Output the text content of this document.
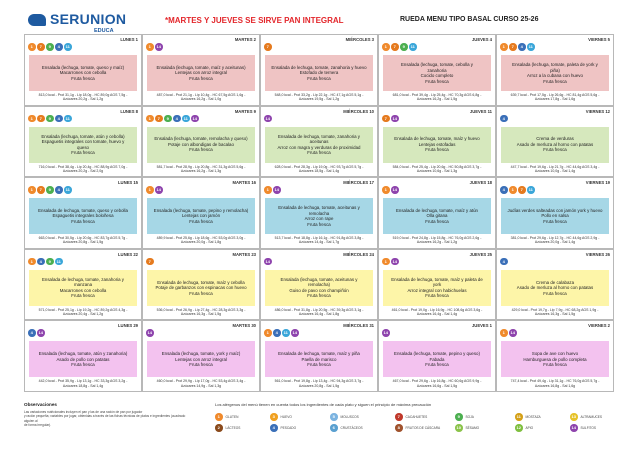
SERUNION
EDUCA
*MARTES Y JUEVES SE SIRVE PAN INTEGRAL	RUEDA MENU TIPO BASAL CURSO 25-26
LUNES 1
1	7	9	4	11
Ensalada (lechuga, tomate, queso y maíz)
Macarrones con cebolla
Fruta fresca
813,0 kcal - Prot 31,1g - Lip 18,0g - HC 89,0g AGS 7,5g -
Azúcares 20,2g - Sal 1,2g
MARTES 2
1	14
Ensalada (lechuga, tomate, maíz y aceitunas)
Lentejas con arroz integral
Fruta fresca
487,0 kcal - Prot 21,1g - Lip 10,4g - HC 67,5g AGS 1,6g -
Azúcares 16,2g - Sal 1,0g
MIÉRCOLES 3
7
Ensalada de lechuga, tomate, zanahoria y huevo
Estofado de ternera
Fruta fresca
548,0 kcal - Prot 33,2g - Lip 22,1g - HC 47,1g AGS 5,1g -
Azúcares 19,5g - Sal 1,2g
JUEVES 4
1	7	9	11
Ensalada (lechuga, tomate, cebolla y
zanahoria
Cocido completo
Fruta fresca
681,0 kcal - Prot 39,4g - Lip 25,4g - HC 70,3g AGS 6,8g -
Azúcares 16,2g - Sal 1,5g
VIERNES 5
1	7	4	11
Ensalada (lechuga, tomate, paleta de york y
piña)
Arroz a la cubana con huevo
Fruta fresca
639,7 kcal - Prot 17,5g - Lip 26,6g - HC 81,4g AGS 5,6g -
Azúcares 17,8g - Sal 1,6g
LUNES 8
1	7	9	4	11
Ensalada (lechuga, tomate, atún y cebolla)
Espaguetis integrales con tomate, huevo y
queso
Fruta fresca
716,0 kcal - Prot 38,4g - Lip 20,4g - HC 88,9g AGS 7,0g -
Azúcares 20,2g - Sal 2,0g
MARTES 9
1	7	9	4	11	14
Ensalada (lechuga, tomate, remolacha y queso)
Potaje con albondigas de bacalao
Fruta fresca
581,7 kcal - Prot 28,9g - Lip 20,8g - HC 31,3g AGS 5,6g -
Azúcares 16,2g - Sal 1,3g
MIÉRCOLES 10
14
Ensalada de lechuga, tomate, zanahoria y
aceitunas
Arroz con magra y verduras de proximidad
Fruta fresca
628,0 kcal - Prot 28,3g - Lip 19,0g - HC 93,7g AGS 5,7g -
Azúcares 18,5g - Sal 1,4g
JUEVES 11
7	14
Ensalada de lechuga, tomate, maíz y huevo
Lentejas estofadas
Fruta fresca
584,0 kcal - Prot 25,4g - Lip 20,6g - HC 50,8g AGS 3,7g -
Azúcares 10,6g - Sal 1,3g
VIERNES 12
4
Crema de verduras
Asado de merluza al horno con patatas
Fruta fresca
447,7 kcal - Prot 19,6g - Lip 21,7g - HC 44,6g AGS 3,4g -
Azúcares 10,0g - Sal 1,4g
LUNES 15
1	7	9	4	11
Ensalada de lechuga, tomate, queso y cebolla
Espaguetis integrales boloñesa
Fruta fresca
663,0 kcal - Prot 30,5g - Lip 20,6g - HC 83,7g AGS 5,7g -
Azúcares 20,8g - Sal 1,5g
MARTES 16
1	14
Ensalada (lechuga, tomate, pepino y remolacha)
Lentejas con jamón
Fruta fresca
489,9 kcal - Prot 25,6g - Lip 18,6g - HC 53,0g AGS 3,0g -
Azúcares 20,0g - Sal 1,8g
MIÉRCOLES 17
1	14
Ensalada de lechuga, tomate, aceitunas y
remolacha
Arroz con rape
Fruta fresca
513,7 kcal - Prot 18,8g - Lip 16,1g - HC 91,8g AGS 3,8g -
Azúcares 14,4g - Sal 1,7g
JUEVES 18
1	14
Ensalada de lechuga, tomate, maíz y atún
Olla gitana
Fruta fresca
519,0 kcal - Prot 24,8g - Lip 15,8g - HC 76,0g AGS 2,6g -
Azúcares 16,2g - Sal 1,2g
VIERNES 19
4	1	7	11
Judías verdes salteadas con jamón york y huevo
Pollo en salsa
Fruta fresca
381,0 kcal - Prot 29,6g - Lip 12,7g - HC 44,6g AGS 2,9g -
Azúcares 20,0g - Sal 1,4g
LUNES 22
1	4	9	11
Ensalada de lechuga, tomate, zanahoria y
manzana
Macarrones con cebolla
Fruta fresca
571,0 kcal - Prot 25,1g - Lip 19,2g - HC 89,2g AGS 4,3g -
Azúcares 20,4g - Sal 1,2g
MARTES 23
7
Ensalada de lechuga, tomate, maíz y cebolla
Potaje de garbanzos con espinacas con huevo
Fruta fresca
536,0 kcal - Prot 26,9g - Lip 27,4g - HC 28,3g AGS 3,3g -
Azúcares 16,3g - Sal 1,5g
MIÉRCOLES 24
14
Ensalada (lechuga, tomate, aceitunas y
remolacha)
Guiso de pavo con champiñón
Fruta fresca
486,0 kcal - Prot 31,8g - Lip 20,5g - HC 39,3g AGS 3,1g -
Azúcares 16,4g - Sal 1,8g
JUEVES 25
1	14
Ensalada de lechuga, tomate, maíz y paleta de
york
Arroz integral con habichuelas
Fruta fresca
461,0 kcal - Prot 19,0g - Lip 16,9g - HC 108,6g AGS 3,6g -
Azúcares 16,4g - Sal 1,4g
VIERNES 26
4
Crema de calabaza
Asado de merluza al horno con patatas
Fruta fresca
429,0 kcal - Prot 19,7g - Lip 7,9g - HC 68,2g AGS 1,9g -
Azúcares 16,3g - Sal 1,5g
LUNES 29
4	14
Ensalada (lechuga, tomate, atún y zanahoria)
Asado de pollo con patatas
Fruta fresca
442,0 kcal - Prot 35,9g - Lip 13,1g - HC 33,3g AGS 3,2g -
Azúcares 18,8g - Sal 1,4g
MARTES 30
14
Ensalada (lechuga, tomate, york y maíz)
Lentejas con arroz integral
Fruta fresca
460,0 kcal - Prot 29,9g - Lip 17,0g - HC 53,4g AGS 3,4g -
Azúcares 14,9g - Sal 1,3g
MIÉRCOLES 31
1	4	11	14
Ensalada de lechuga, tomate, maíz y piña
Paella de marisco
Fruta fresca
561,0 kcal - Prot 19,8g - Lip 13,4g - HC 94,3g AGS 3,7g -
Azúcares 20,8g - Sal 1,5g
JUEVES 1
14
Ensalada (lechuga, tomate, pepino y queso)
Fabada
Fruta fresca
467,0 kcal - Prot 29,6g - Lip 16,8g - HC 60,6g AGS 9,9g -
Azúcares 16,6g - Sal 1,5g
VIERNES 2
1	14
Sopa de ave con huevo
Hamburguesa de pollo completa
Fruta fresca
747,4 kcal - Prot 49,4g - Lip 31,1g - HC 76,0g AGS 5,7g -
Azúcares 16,8g - Sal 1,6g
Observaciones
Las variaciones nutricionales incluyen el pan y las de una ración de pan por jugador
y ración pequeña; variables por jugar, obtenidas a través de las fichas técnicas de platos e ingredientes (cuadrado alguien al
de forma irregular).
Los alérgenos del menú tienen en cuenta todos los ingredientes de cada plato y siguen el principio de máxima precaución
1	GLUTEN
2	LÁCTEOS
3	HUEVO
4	PESCADO
5	MOLUSCOS
6	CRUSTÁCEOS
7	CACAHUETES
8	FRUTOS DE CÁSCARA
9	SOJA
10	SÉSAMO
11	MOSTAZA
12	APIO
13	ALTRAMUCES
14	SULFITOS
